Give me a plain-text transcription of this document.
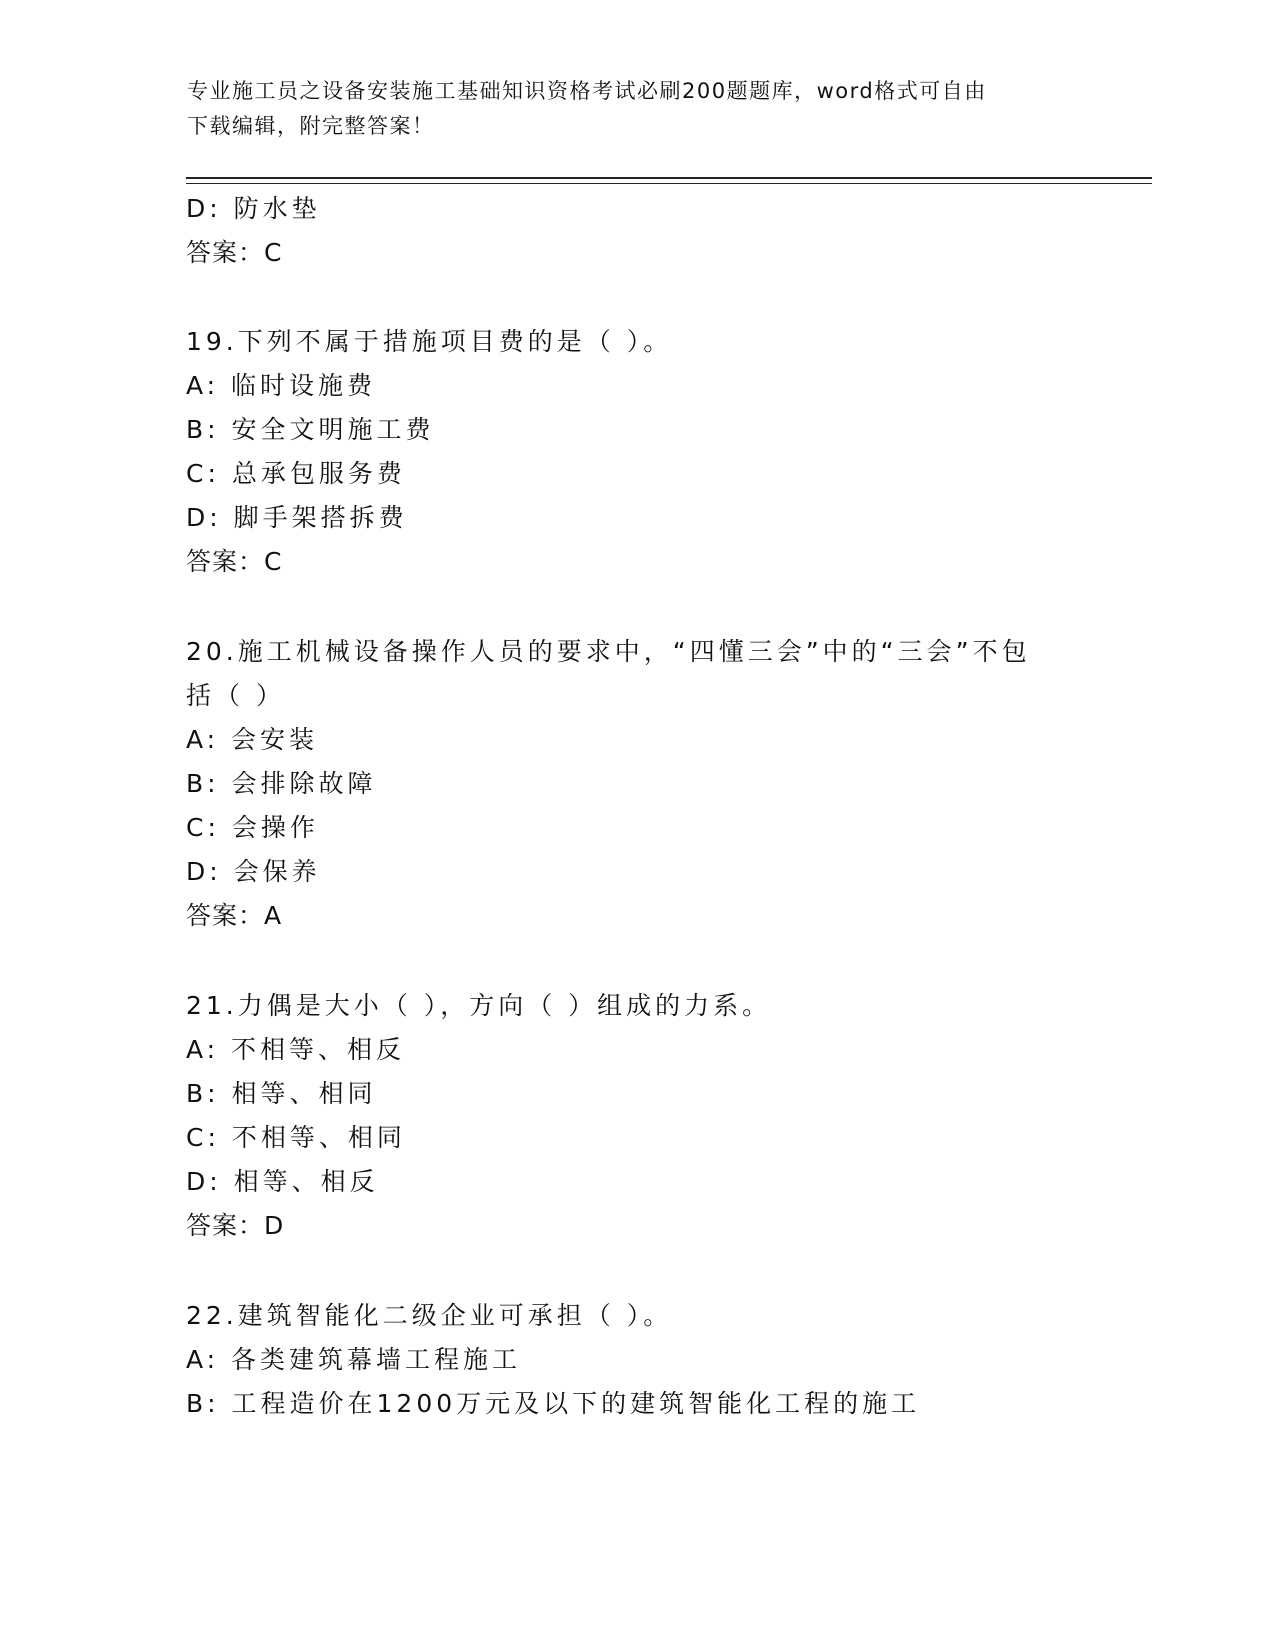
专业施工员之设备安装施工基础知识资格考试必刷200题题库，word格式可自由
下载编辑，附完整答案！
D: 防水垫
答案：C
19.下列不属于措施项目费的是（ ）。
A: 临时设施费
B: 安全文明施工费
C: 总承包服务费
D: 脚手架搭拆费
答案：C
20.施工机械设备操作人员的要求中，“四懂三会”中的“三会”不包
括（ ）
A: 会安装
B: 会排除故障
C: 会操作
D: 会保养
答案：A
21.力偶是大小（ ），方向（ ）组成的力系。
A: 不相等、相反
B: 相等、相同
C: 不相等、相同
D: 相等、相反
答案：D
22.建筑智能化二级企业可承担（ ）。
A: 各类建筑幕墙工程施工
B: 工程造价在1200万元及以下的建筑智能化工程的施工
